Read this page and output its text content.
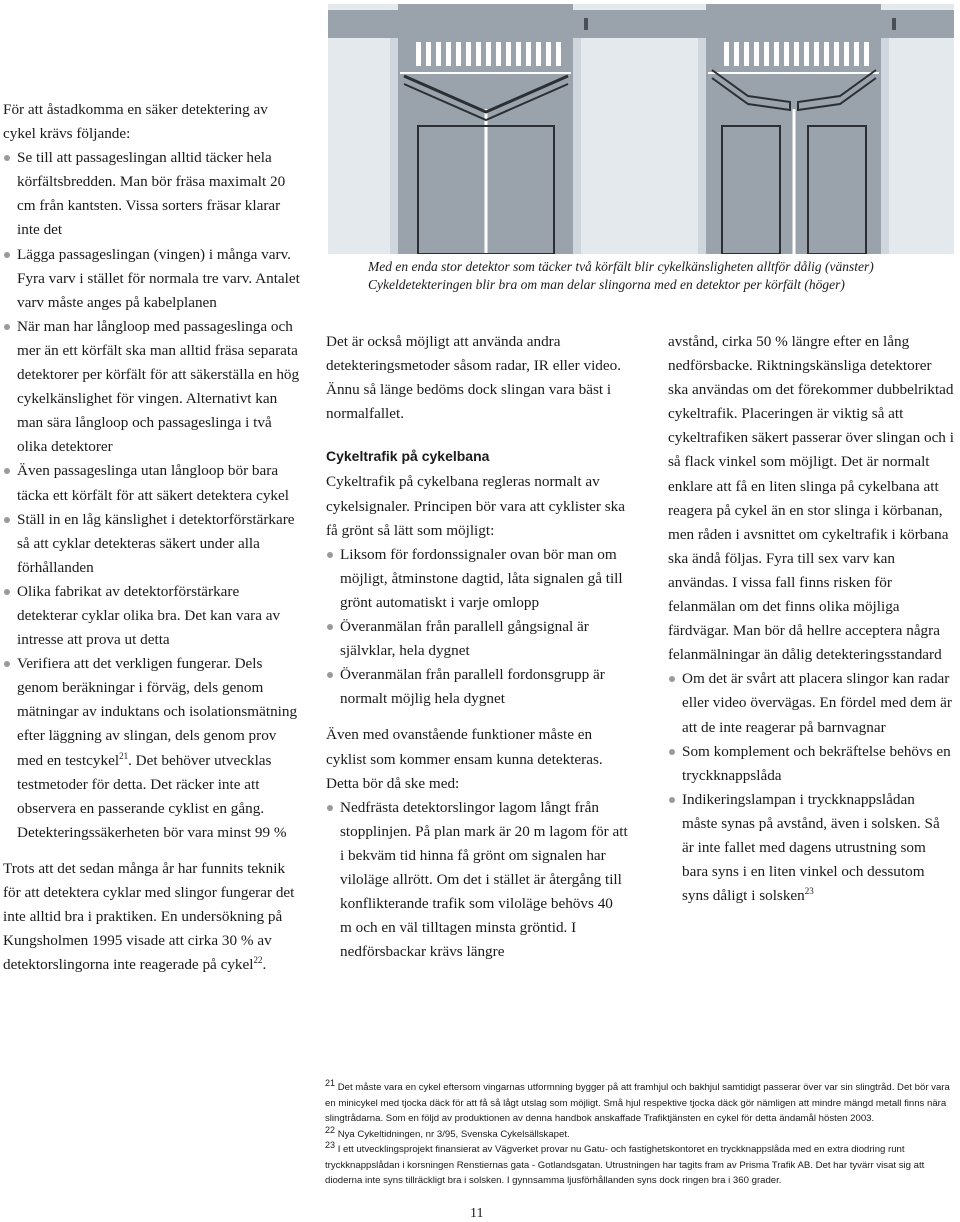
För att åstadkomma en säker detektering av cykel krävs följande:

Se till att passageslingan alltid täcker hela körfältsbredden. Man bör fräsa maximalt 20 cm från kantsten. Vissa sorters fräsar klarar inte det
Lägga passageslingan (vingen) i många varv. Fyra varv i stället för normala tre varv. Antalet varv måste anges på kabelplanen
När man har långloop med passageslinga och mer än ett körfält ska man alltid fräsa separata detektorer per körfält för att säkerställa en hög cykelkänslighet för vingen. Alternativt kan man sära långloop och passageslinga i två olika detektorer
Även passageslinga utan långloop bör bara täcka ett körfält för att säkert detektera cykel
Ställ in en låg känslighet i detektorförstärkare så att cyklar detekteras säkert under alla förhållanden
Olika fabrikat av detektorförstärkare detekterar cyklar olika bra. Det kan vara av intresse att prova ut detta
Verifiera att det verkligen fungerar. Dels genom beräkningar i förväg, dels genom mätningar av induktans och isolationsmätning efter läggning av slingan, dels genom prov med en testcykel$^{21}$. Det behöver utvecklas testmetoder för detta. Det räcker inte att observera en passerande cyklist en gång. Detekteringssäkerheten bör vara minst 99 %

Trots att det sedan många år har funnits teknik för att detektera cyklar med slingor fungerar det inte alltid bra i praktiken. En undersökning på Kungsholmen 1995 visade att cirka 30 % av detektorslingorna inte reagerade på cykel$^{22}$.

Med en enda stor detektor som täcker två körfält blir cykelkänsligheten alltför dålig (vänster)

Cykeldetekteringen blir bra om man delar slingorna med en detektor per körfält (höger)

Det är också möjligt att använda andra detekteringsmetoder såsom radar, IR eller video. Ännu så länge bedöms dock slingan vara bäst i normalfallet.

Cykeltrafik på cykelbana

Cykeltrafik på cykelbana regleras normalt av cykelsignaler. Principen bör vara att cyklister ska få grönt så lätt som möjligt:

Liksom för fordonssignaler ovan bör man om möjligt, åtminstone dagtid, låta signalen gå till grönt automatiskt i varje omlopp
Överanmälan från parallell gångsignal är självklar, hela dygnet
Överanmälan från parallell fordonsgrupp är normalt möjlig hela dygnet

Även med ovanstående funktioner måste en cyklist som kommer ensam kunna detekteras. Detta bör då ske med:

Nedfrästa detektorslingor lagom långt från stopplinjen. På plan mark är 20 m lagom för att i bekväm tid hinna få grönt om signalen har viloläge allrött. Om det i stället är återgång till konflikterande trafik som viloläge behövs 40 m och en väl tilltagen minsta gröntid. I nedförsbackar krävs längre

avstånd, cirka 50 % längre efter en lång nedförsbacke. Riktningskänsliga detektorer ska användas om det förekommer dubbelriktad cykeltrafik. Placeringen är viktig så att cykeltrafiken säkert passerar över slingan och i så flack vinkel som möjligt. Det är normalt enklare att få en liten slinga på cykelbana att reagera på cykel än en stor slinga i körbanan, men råden i avsnittet om cykeltrafik i körbana ska ändå följas. Fyra till sex varv kan användas. I vissa fall finns risken för felanmälan om det finns olika möjliga färdvägar. Man bör då hellre acceptera några felanmälningar än dålig detekteringsstandard

Om det är svårt att placera slingor kan radar eller video övervägas. En fördel med dem är att de inte reagerar på barnvagnar
Som komplement och bekräftelse behövs en tryckknappslåda
Indikeringslampan i tryckknappslådan måste synas på avstånd, även i solsken. Så är inte fallet med dagens utrustning som bara syns i en liten vinkel och dessutom syns dåligt i solsken$^{23}$

$^{21}$ Det måste vara en cykel eftersom vingarnas utformning bygger på att framhjul och bakhjul samtidigt passerar över var sin slingtråd. Det bör vara en minicykel med tjocka däck för att få så lågt utslag som möjligt. Små hjul respektive tjocka däck gör nämligen att mindre mängd metall finns nära slingtrådarna. Som en följd av produktionen av denna handbok anskaffade Trafiktjänsten en cykel för detta ändamål hösten 2003.

$^{22}$ Nya Cykeltidningen, nr 3/95, Svenska Cykelsällskapet.

$^{23}$ I ett utvecklingsprojekt finansierat av Vägverket provar nu Gatu- och fastighetskontoret en tryckknappslåda med en extra diodring runt tryckknappslådan i korsningen Renstiernas gata - Gotlandsgatan. Utrustningen har tagits fram av Prisma Trafik AB. Det har tyvärr visat sig att dioderna inte syns tillräckligt bra i solsken. I gynnsamma ljusförhållanden syns dock ringen bra i 360 grader.

11
